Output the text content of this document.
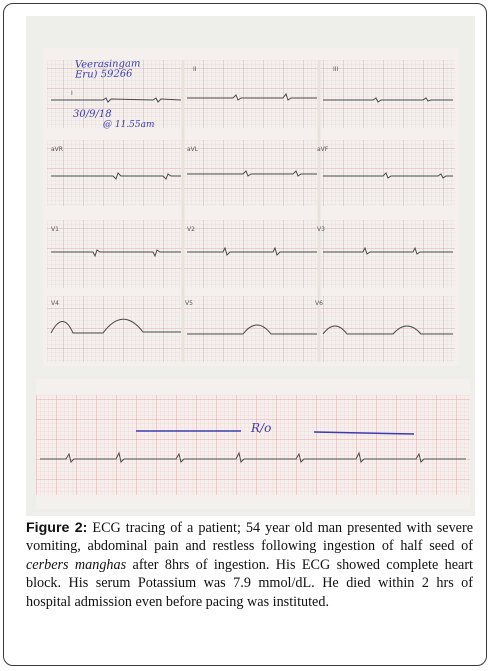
Veerasingam
Eru) 59266
30/9/18
@ 11.55am
I
II	III
aVR	aVL	aVF
V1	V2	V3
V4	V5	V6
R/o
Figure 2: ECG tracing of a patient; 54 year old man presented with severe vomiting, abdominal pain and restless following ingestion of half seed of cerbers manghas after 8hrs of ingestion. His ECG showed complete heart block. His serum Potassium was 7.9 mmol/dL. He died within 2 hrs of hospital admission even before pacing was instituted.
